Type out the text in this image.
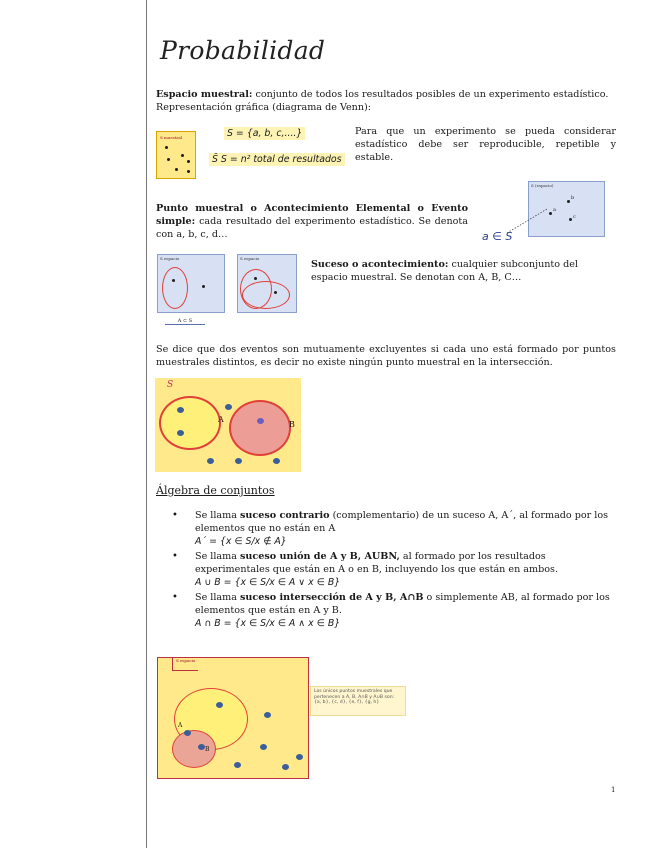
Probabilidad
Espacio muestral: conjunto de todos los resultados posibles de un experimento estadístico.
Representación gráfica (diagrama de Venn):
S muestral	S = {a, b, c,....}
S̄ S = n² total de resultados
Para que un experimento se pueda considerar estadístico debe ser reproducible, repetible y estable.
Punto muestral o Acontecimiento Elemental o Evento simple: cada resultado del experimento estadístico. Se denota con a, b, c, d…
S (espacio)
a
b
c
a ∈ S
S espacio	S espacio
A ⊂ S
Suceso o acontecimiento: cualquier subconjunto del espacio muestral. Se denotan con A, B, C…
Se dice que dos eventos son mutuamente excluyentes si cada uno está formado por puntos muestrales distintos, es decir no existe ningún punto muestral en la intersección.
S
A
B
Álgebra de conjuntos
• Se llama suceso contrario (complementario) de un suceso A, A´, al formado por los elementos que no están en A
A´ = {x ∈ S/x ∉ A}
• Se llama suceso unión de A y B, AUBN, al formado por los resultados experimentales que están en A o en B, incluyendo los que están en ambos.
A ∪ B = {x ∈ S/x ∈ A ∨ x ∈ B}
• Se llama suceso intersección de A y B, A∩B o simplemente AB, al formado por los elementos que están en A y B.
A ∩ B = {x ∈ S/x ∈ A ∧ x ∈ B}
S espacio
A
B
Los únicos puntos muestrales que pertenecen a A, B, A∩B y A∪B son: {a, b}, {c, d}, {e, f}, {g, h}
1
